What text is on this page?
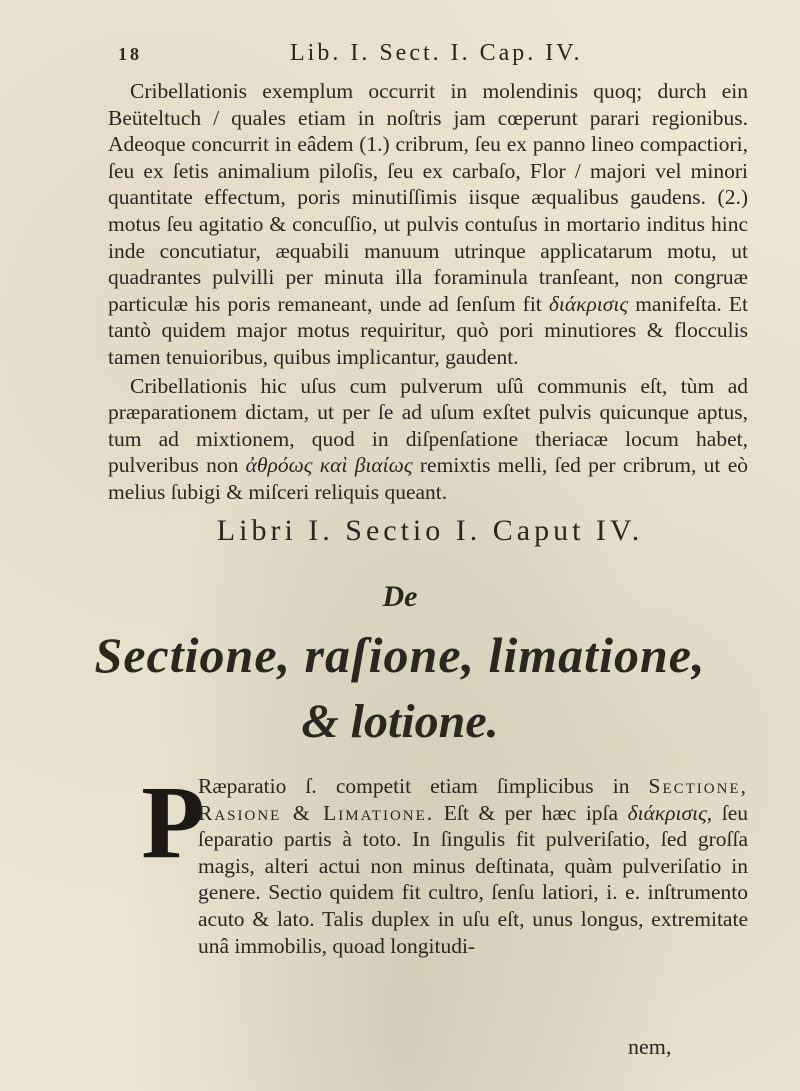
18	Lib. I. Sect. I. Cap. IV.

Cribellationis exemplum occurrit in molendinis quoq; durch ein Beüteltuch / quales etiam in noſtris jam cœperunt parari regionibus. Adeoque concurrit in eâdem (1.) cribrum, ſeu ex panno lineo compactiori, ſeu ex ſetis animalium piloſis, ſeu ex carbaſo, Flor / majori vel minori quantitate effectum, poris minutiſſimis iisque æqualibus gaudens. (2.) motus ſeu agitatio & concuſſio, ut pulvis contuſus in mortario inditus hinc inde concutiatur, æquabili manuum utrinque applicatarum motu, ut quadrantes pulvilli per minuta illa foraminula tranſeant, non congruæ particulæ his poris remaneant, unde ad ſenſum fit διάκρισις manifeſta. Et tantò quidem major motus requiritur, quò pori minutiores & flocculis tamen tenuioribus, quibus implicantur, gaudent.

Cribellationis hic uſus cum pulverum uſû communis eſt, tùm ad præparationem dictam, ut per ſe ad uſum exſtet pulvis quicunque aptus, tum ad mixtionem, quod in diſpenſatione theriacæ locum habet, pulveribus non ἀθρόως καὶ βιαίως remixtis melli, ſed per cribrum, ut eò melius ſubigi & miſceri reliquis queant.

Libri I. Sectio I. Caput IV.
De
Sectione, raſione, limatione,
& lotione.
P

Ræparatio ſ. competit etiam ſimplicibus in Sectione, Rasione & Limatione. Eſt & per hæc ipſa διάκρισις, ſeu ſeparatio partis à toto. In ſingulis fit pulveriſatio, ſed groſſa magis, alteri actui non minus deſtinata, quàm pulveriſatio in genere. Sectio quidem fit cultro, ſenſu latiori, i. e. inſtrumento acuto & lato. Talis duplex in uſu eſt, unus longus, extremitate unâ immobilis, quoad longitudi-

nem,
